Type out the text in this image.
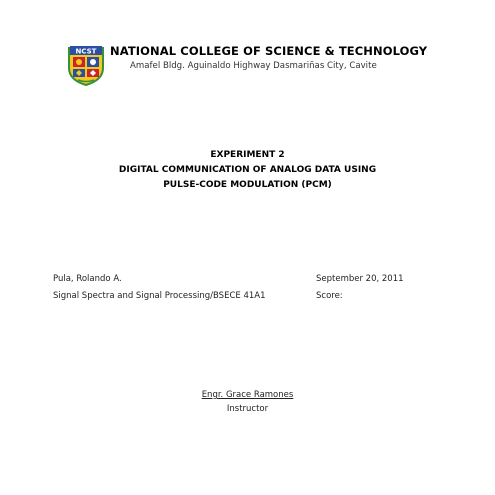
NCST NATIONAL COLLEGE OF SCIENCE & TECHNOLOGY
Amafel Bldg. Aguinaldo Highway Dasmariñas City, Cavite
EXPERIMENT 2
DIGITAL COMMUNICATION OF ANALOG DATA USING
PULSE-CODE MODULATION (PCM)
Pula, Rolando A.
Signal Spectra and Signal Processing/BSECE 41A1
September 20, 2011
Score:
Engr. Grace Ramones
Instructor
